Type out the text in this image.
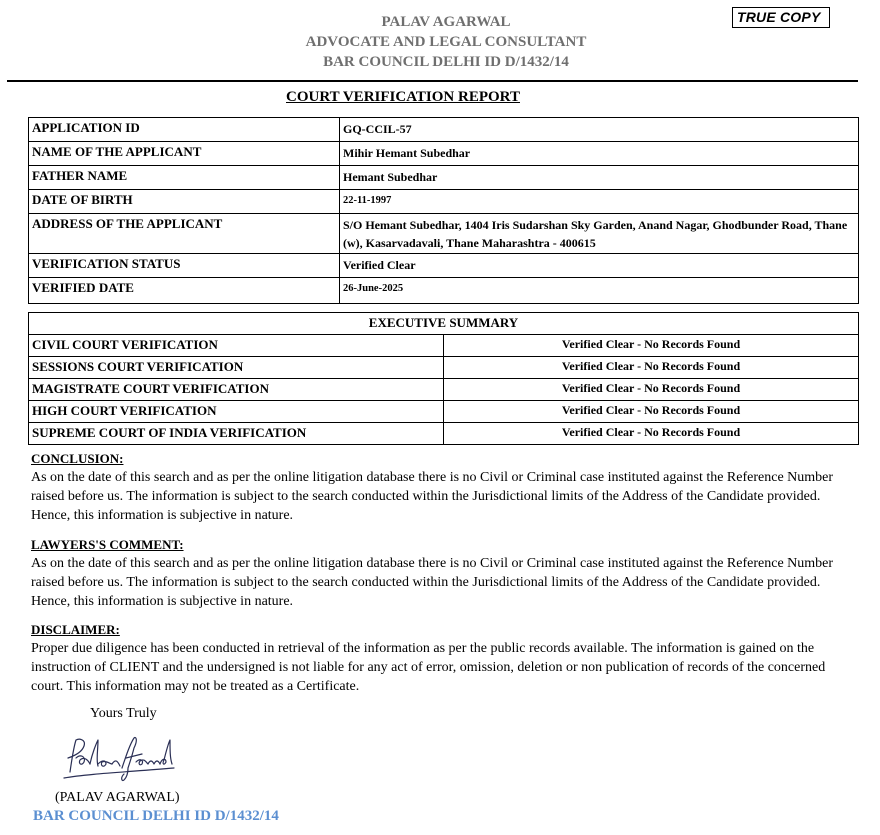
PALAV AGARWAL
ADVOCATE AND LEGAL CONSULTANT
BAR COUNCIL DELHI ID D/1432/14
TRUE COPY
COURT VERIFICATION REPORT
APPLICATION ID	GQ-CCIL-57
NAME OF THE APPLICANT	Mihir Hemant Subedhar
FATHER NAME	Hemant Subedhar
DATE OF BIRTH	22-11-1997
ADDRESS OF THE APPLICANT	S/O Hemant Subedhar, 1404 Iris Sudarshan Sky Garden, Anand Nagar, Ghodbunder Road, Thane (w), Kasarvadavali, Thane Maharashtra - 400615
VERIFICATION STATUS	Verified Clear
VERIFIED DATE	26-June-2025
EXECUTIVE SUMMARY	
CIVIL COURT VERIFICATION	Verified Clear - No Records Found
SESSIONS COURT VERIFICATION	Verified Clear - No Records Found
MAGISTRATE COURT VERIFICATION	Verified Clear - No Records Found
HIGH COURT VERIFICATION	Verified Clear - No Records Found
SUPREME COURT OF INDIA VERIFICATION	Verified Clear - No Records Found
CONCLUSION:
As on the date of this search and as per the online litigation database there is no Civil or Criminal case instituted against the Reference Number raised before us. The information is subject to the search conducted within the Jurisdictional limits of the Address of the Candidate provided. Hence, this information is subjective in nature.
LAWYERS'S COMMENT:
As on the date of this search and as per the online litigation database there is no Civil or Criminal case instituted against the Reference Number raised before us. The information is subject to the search conducted within the Jurisdictional limits of the Address of the Candidate provided. Hence, this information is subjective in nature.
DISCLAIMER:
Proper due diligence has been conducted in retrieval of the information as per the public records available. The information is gained on the instruction of CLIENT and the undersigned is not liable for any act of error, omission, deletion or non publication of records of the concerned court. This information may not be treated as a Certificate.
Yours Truly
(PALAV AGARWAL)
BAR COUNCIL DELHI ID D/1432/14
